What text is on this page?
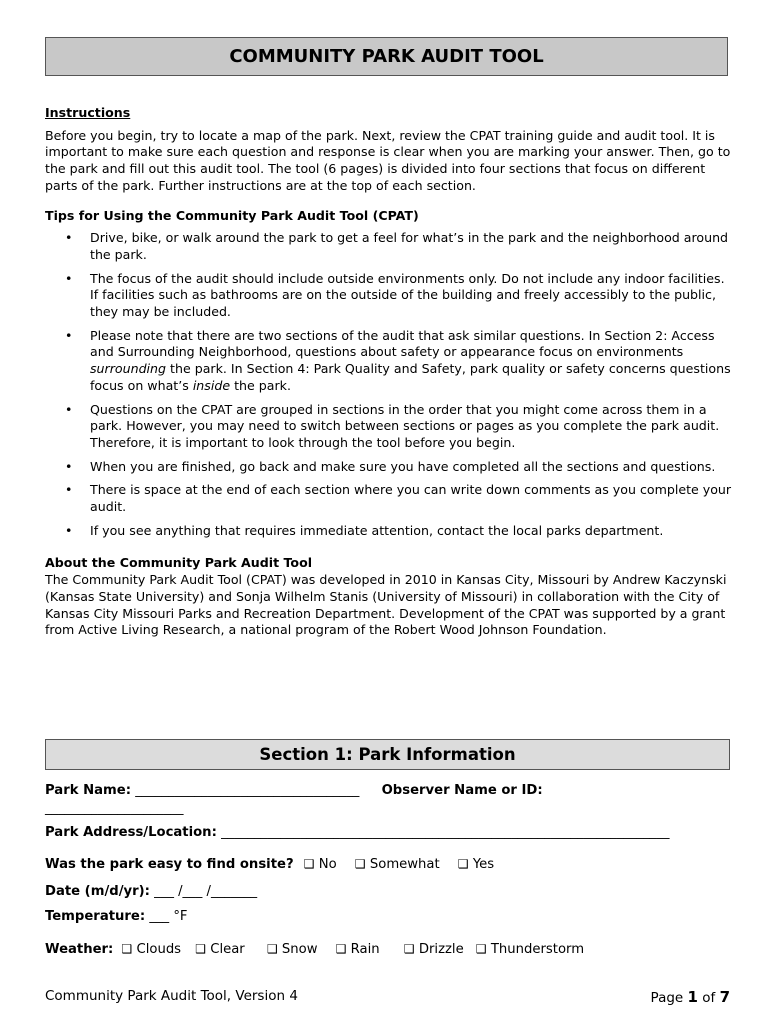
COMMUNITY PARK AUDIT TOOL
Instructions

Before you begin, try to locate a map of the park. Next, review the CPAT training guide and audit tool. It is important to make sure each question and response is clear when you are marking your answer. Then, go to the park and fill out this audit tool. The tool (6 pages) is divided into four sections that focus on different parts of the park. Further instructions are at the top of each section.

Tips for Using the Community Park Audit Tool (CPAT)
• Drive, bike, or walk around the park to get a feel for what’s in the park and the neighborhood around the park.
• The focus of the audit should include outside environments only. Do not include any indoor facilities. If facilities such as bathrooms are on the outside of the building and freely accessibly to the public, they may be included.
• Please note that there are two sections of the audit that ask similar questions. In Section 2: Access and Surrounding Neighborhood, questions about safety or appearance focus on environments surrounding the park. In Section 4: Park Quality and Safety, park quality or safety concerns questions focus on what’s inside the park.
• Questions on the CPAT are grouped in sections in the order that you might come across them in a park. However, you may need to switch between sections or pages as you complete the park audit. Therefore, it is important to look through the tool before you begin.
• When you are finished, go back and make sure you have completed all the sections and questions.
• There is space at the end of each section where you can write down comments as you complete your audit.
• If you see anything that requires immediate attention, contact the local parks department.
About the Community Park Audit Tool

The Community Park Audit Tool (CPAT) was developed in 2010 in Kansas City, Missouri by Andrew Kaczynski (Kansas State University) and Sonja Wilhelm Stanis (University of Missouri) in collaboration with the City of Kansas City Missouri Parks and Recreation Department. Development of the CPAT was supported by a grant from Active Living Research, a national program of the Robert Wood Johnson Foundation.

Section 1: Park Information
Park Name: __________________________________ Observer Name or ID:
_____________________
Park Address/Location: ____________________________________________________________________
Was the park easy to find onsite? ❑ No ❑ Somewhat ❑ Yes
Date (m/d/yr): ___ /___ /_______
Temperature: ___ °F
Weather: ❑ Clouds ❑ Clear ❑ Snow ❑ Rain ❑ Drizzle ❑ Thunderstorm
Community Park Audit Tool, Version 4	Page 1 of 7
